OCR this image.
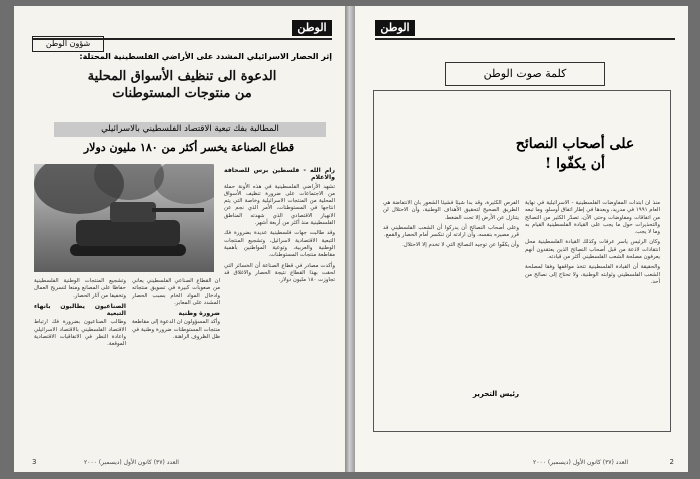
الوطن
شؤون الوطن
إثر الحصار الاسرائيلي المشدد على الأراضي الفلسطينية المحتلة:
الدعوة الى تنظيف الأسواق المحلية
من منتوجات المستوطنات
المطالبة بفك تبعية الاقتصاد الفلسطيني بالاسرائيلي
قطاع الصناعة يخسر أكثر من ١٨٠ مليون دولار

رام الله - فلسطين برس للصحافة والاعلام

تشهد الأراضي الفلسطينية في هذه الأونة حملة من الاجتماعات على ضرورة تنظيف الأسواق المحلية من المنتجات الاسرائيلية وخاصة التي يتم انتاجها في المستوطنات، الأمر الذي نجم عن الانهيار الاقتصادي الذي شهدته المناطق الفلسطينية منذ أكثر من أربعة أشهر.

وقد طالبت جهات فلسطينية عديدة بضرورة فك التبعية الاقتصادية لاسرائيل، وتشجيع المنتجات الوطنية والعربية، وتوعية المواطنين بأهمية مقاطعة منتجات المستوطنات.

وأكدت مصادر في قطاع الصناعة أن الخسائر التي لحقت بهذا القطاع نتيجة الحصار والاغلاق قد تجاوزت ١٨٠ مليون دولار.

ان القطاع الصناعي الفلسطيني يعاني من صعوبات كبيرة في تسويق منتجاته وادخال المواد الخام بسبب الحصار المشدد على المعابر.

ضرورة وطنية

وأكد المسؤولون ان الدعوة إلى مقاطعة منتجات المستوطنات ضرورة وطنية في ظل الظروف الراهنة.

وتشجيع المنتجات الوطنية الفلسطينية حفاظا على المصانع ومنعا لتسريح العمال وتخفيفا من آثار الحصار.

الصناعيون يطالبون بانهاء التبعية

وطالب الصناعيون بضرورة فك ارتباط الاقتصاد الفلسطيني بالاقتصاد الاسرائيلي واعادة النظر في الاتفاقيات الاقتصادية الموقعة.

3	العدد (٣٧) كانون الأول (ديسمبر) ٢٠٠٠
الوطن
كلمة صوت الوطن
على أصحاب النصائح
أن يكفّوا !

منذ أن ابتدأت المفاوضات الفلسطينية - الاسرائيلية في نهاية العام ١٩٩١ في مدريد، وبعدها في إطار اتفاق أوسلو، وما تبعه من اتفاقات ومفاوضات وحتى الآن، تصدّر الكثير من النصائح والتحذيرات حول ما يجب على القيادة الفلسطينية القيام به وما لا يجب.

وكان الرئيس ياسر عرفات وكذلك القيادة الفلسطينية محل انتقادات لاذعة من قبل أصحاب النصائح الذين يعتقدون أنهم يعرفون مصلحة الشعب الفلسطيني أكثر من قيادته.

والحقيقة أن القيادة الفلسطينية تتخذ مواقفها وفقا لمصلحة الشعب الفلسطيني وثوابته الوطنية، ولا تحتاج إلى نصائح من أحد.

الفرص الكثيرة، وقد بدأ شيئا فشيئا الشعور بأن الانتفاضة هي الطريق الصحيح لتحقيق الأهداف الوطنية، وأن الاحتلال لن يتنازل عن الأرض إلا تحت الضغط.

وعلى أصحاب النصائح أن يدركوا أن الشعب الفلسطيني قد قرر مصيره بنفسه، وأن ارادته لن تنكسر أمام الحصار والقمع.

وأن يكفّوا عن توجيه النصائح التي لا تخدم إلا الاحتلال.

رئيس التحرير
2
العدد (٣٧) كانون الأول (ديسمبر) ٢٠٠٠
